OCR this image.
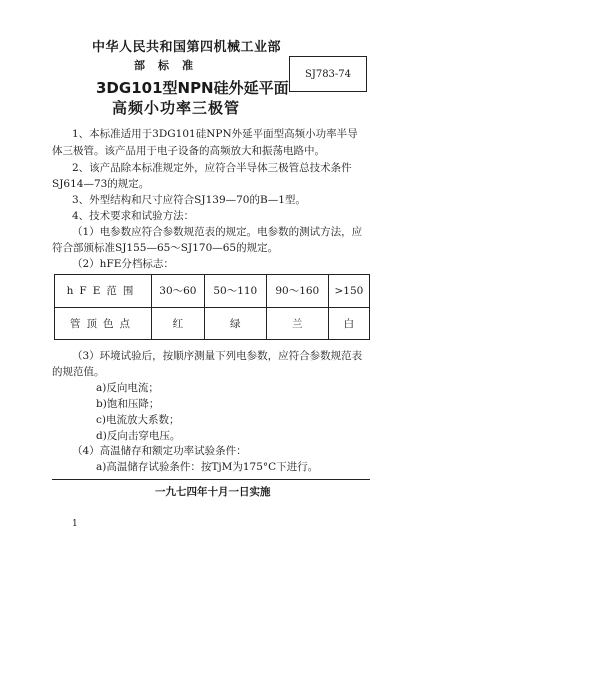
中华人民共和国第四机械工业部
部标准
SJ783-74
3DG101型NPN硅外延平面
高频小功率三极管
1、本标准适用于3DG101硅NPN外延平面型高频小功率半导
体三极管。该产品用于电子设备的高频放大和振荡电路中。
2、该产品除本标准规定外，应符合半导体三极管总技术条件
SJ614—73的规定。
3、外型结构和尺寸应符合SJ139—70的B—1型。
4、技术要求和试验方法：
（1）电参数应符合参数规范表的规定。电参数的测试方法，应
符合部颁标准SJ155—65～SJ170—65的规定。
（2）hFE分档标志：
hFE范围	30～60	50～110	90～160	>150
管顶色点	红	绿	兰	白
（3）环境试验后，按顺序测量下列电参数，应符合参数规范表
的规范值。
a)反向电流；
b)饱和压降；
c)电流放大系数；
d)反向击穿电压。
（4）高温储存和额定功率试验条件：
a)高温储存试验条件：按TjM为175°C下进行。
一九七四年十月一日实施
1
